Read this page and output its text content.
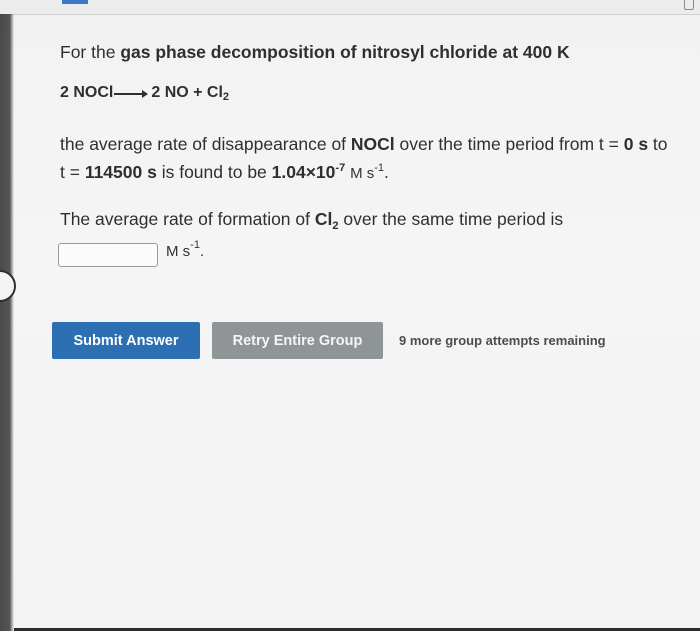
For the gas phase decomposition of nitrosyl chloride at 400 K

2 NOCl 2 NO + $Cl_2$
the average rate of disappearance of NOCl over the time period from t = 0 s to t = 114500 s is found to be $1.04\times 10^{-7}$ M $s^{-1}$.
The average rate of formation of $Cl_2$ over the same time period is
M $s^{-1}$.
Submit Answer	Retry Entire Group	9 more group attempts remaining
